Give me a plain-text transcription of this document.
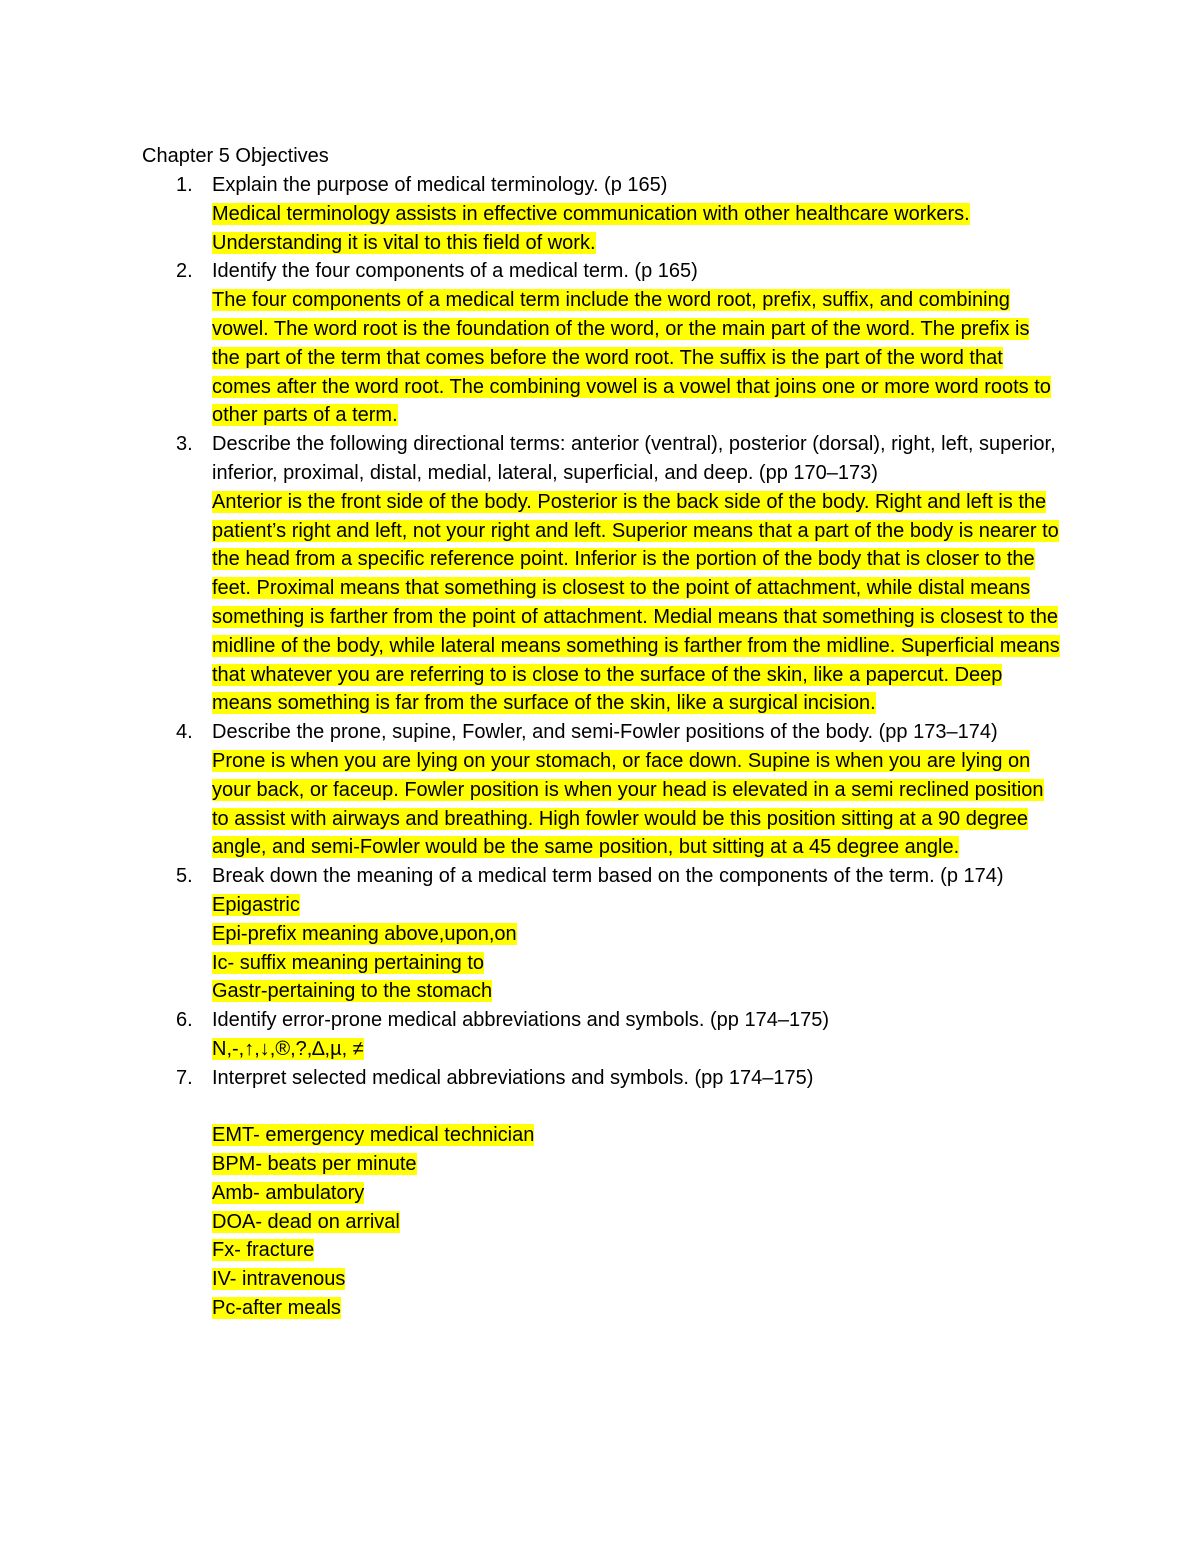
Chapter 5 Objectives
1. Explain the purpose of medical terminology. (p 165)
Medical terminology assists in effective communication with other healthcare workers. Understanding it is vital to this field of work.
2. Identify the four components of a medical term. (p 165)
The four components of a medical term include the word root, prefix, suffix, and combining vowel. The word root is the foundation of the word, or the main part of the word. The prefix is the part of the term that comes before the word root. The suffix is the part of the word that comes after the word root. The combining vowel is a vowel that joins one or more word roots to other parts of a term.
3. Describe the following directional terms: anterior (ventral), posterior (dorsal), right, left, superior, inferior, proximal, distal, medial, lateral, superficial, and deep. (pp 170–173)
Anterior is the front side of the body. Posterior is the back side of the body. Right and left is the patient’s right and left, not your right and left. Superior means that a part of the body is nearer to the head from a specific reference point. Inferior is the portion of the body that is closer to the feet. Proximal means that something is closest to the point of attachment, while distal means something is farther from the point of attachment. Medial means that something is closest to the midline of the body, while lateral means something is farther from the midline. Superficial means that whatever you are referring to is close to the surface of the skin, like a papercut. Deep means something is far from the surface of the skin, like a surgical incision.
4. Describe the prone, supine, Fowler, and semi-Fowler positions of the body. (pp 173–174)
Prone is when you are lying on your stomach, or face down. Supine is when you are lying on your back, or faceup. Fowler position is when your head is elevated in a semi reclined position to assist with airways and breathing. High fowler would be this position sitting at a 90 degree angle, and semi-Fowler would be the same position, but sitting at a 45 degree angle.
5. Break down the meaning of a medical term based on the components of the term. (p 174)
Epigastric
Epi-prefix meaning above,upon,on
Ic- suffix meaning pertaining to
Gastr-pertaining to the stomach
6. Identify error-prone medical abbreviations and symbols. (pp 174–175)
N,-,↑,↓,®,?,∆,µ, ≠
7. Interpret selected medical abbreviations and symbols. (pp 174–175)
EMT- emergency medical technician
BPM- beats per minute
Amb- ambulatory
DOA- dead on arrival
Fx- fracture
IV- intravenous
Pc-after meals
